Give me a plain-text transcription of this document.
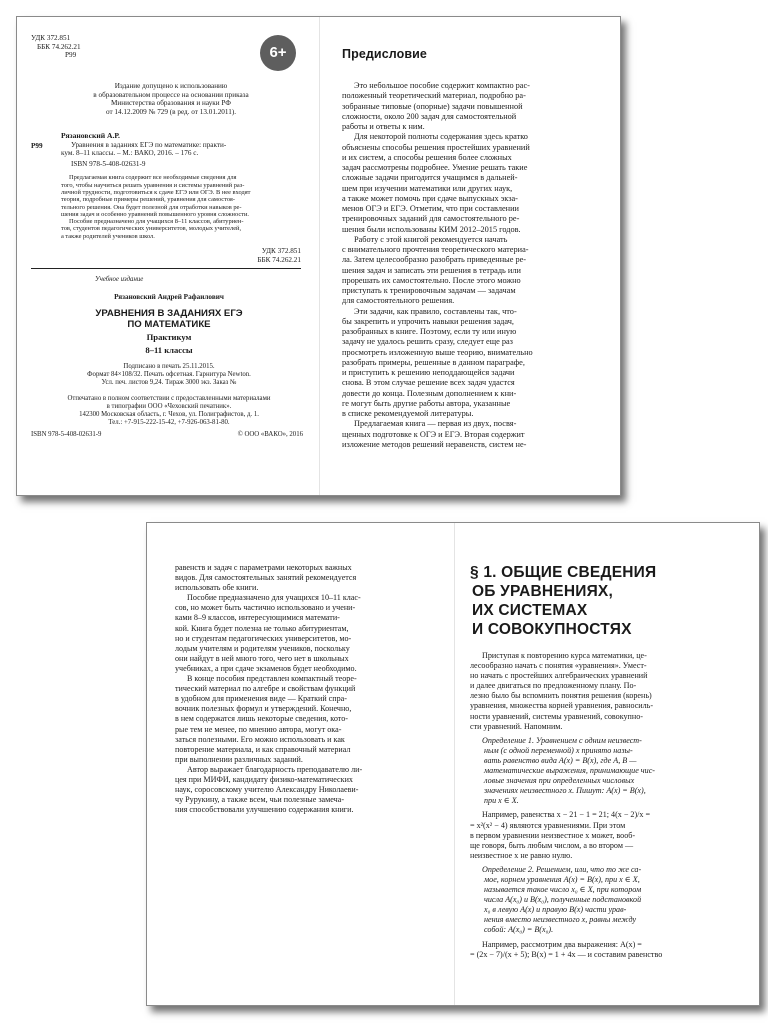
УДК 372.851
ББК 74.262.21
Р99	6+
Издание допущено к использованию
в образовательном процессе на основании приказа
Министерства образования и науки РФ
от 14.12.2009 № 729 (в ред. от 13.01.2011).
Р99
Рязановский А.Р.
Уравнения в заданиях ЕГЭ по математике: практи-
кум. 8–11 классы. – М.: ВАКО, 2016. – 176 с.
ISBN 978-5-408-02631-9
Предлагаемая книга содержит все необходимые сведения для
того, чтобы научиться решать уравнения и системы уравнений раз-
личной трудности, подготовиться к сдаче ЕГЭ или ОГЭ. В нее входят
теория, подробные примеры решений, уравнения для самостоя-
тельного решения. Она будет полезной для отработки навыков ре-
шения задач и особенно уравнений повышенного уровня сложности.
Пособие предназначено для учащихся 8–11 классов, абитуриен-
тов, студентов педагогических университетов, молодых учителей,
а также родителей учеников школ.
УДК 372.851
ББК 74.262.21
Учебное издание
Рязановский Андрей Рафаилович
УРАВНЕНИЯ В ЗАДАНИЯХ ЕГЭ
ПО МАТЕМАТИКЕ
Практикум
8–11 классы
Подписано в печать 25.11.2015.
Формат 84×108/32. Печать офсетная. Гарнитура Newton.
Усл. печ. листов 9,24. Тираж 3000 экз. Заказ №
Отпечатано в полном соответствии с предоставленными материалами
в типографии ООО «Чеховский печатник».
142300 Московская область, г. Чехов, ул. Полиграфистов, д. 1.
Тел.: +7-915-222-15-42, +7-926-063-81-80.
ISBN 978-5-408-02631-9	© ООО «ВАКО», 2016
Предисловие
Это небольшое пособие содержит компактно рас-
положенный теоретический материал, подробно ра-
зобранные типовые (опорные) задачи повышенной
сложности, около 200 задач для самостоятельной
работы и ответы к ним.
Для некоторой полноты содержания здесь кратко
объяснены способы решения простейших уравнений
и их систем, а способы решения более сложных
задач рассмотрены подробнее. Умение решать такие
сложные задачи пригодится учащимся в дальней-
шем при изучении математики или других наук,
а также может помочь при сдаче выпускных экза-
менов ОГЭ и ЕГЭ. Отметим, что при составлении
тренировочных заданий для самостоятельного ре-
шения были использованы КИМ 2012–2015 годов.
Работу с этой книгой рекомендуется начать
с внимательного прочтения теоретического материа-
ла. Затем целесообразно разобрать приведенные ре-
шения задач и записать эти решения в тетрадь или
прорешать их самостоятельно. После этого можно
приступать к тренировочным задачам — задачам
для самостоятельного решения.
Эти задачи, как правило, составлены так, что-
бы закрепить и упрочить навыки решения задач,
разобранных в книге. Поэтому, если ту или иную
задачу не удалось решить сразу, следует еще раз
просмотреть изложенную выше теорию, внимательно
разобрать примеры, решенные в данном параграфе,
и приступить к решению неподдающейся задачи
снова. В этом случае решение всех задач удастся
довести до конца. Полезным дополнением к кни-
ге могут быть другие работы автора, указанные
в списке рекомендуемой литературы.
Предлагаемая книга — первая из двух, посвя-
щенных подготовке к ОГЭ и ЕГЭ. Вторая содержит
изложение методов решений неравенств, систем не-
равенств и задач с параметрами некоторых важных
видов. Для самостоятельных занятий рекомендуется
использовать обе книги.
Пособие предназначено для учащихся 10–11 клас-
сов, но может быть частично использовано и учени-
ками 8–9 классов, интересующимися математи-
кой. Книга будет полезна не только абитуриентам,
но и студентам педагогических университетов, мо-
лодым учителям и родителям учеников, поскольку
они найдут в ней много того, чего нет в школьных
учебниках, а при сдаче экзаменов будет необходимо.
В конце пособия представлен компактный теоре-
тический материал по алгебре и свойствам функций
в удобном для применения виде — Краткий спра-
вочник полезных формул и утверждений. Конечно,
в нем содержатся лишь некоторые сведения, кото-
рые тем не менее, по мнению автора, могут ока-
заться полезными. Его можно использовать и как
повторение материала, и как справочный материал
при выполнении различных заданий.
Автор выражает благодарность преподавателю ли-
цея при МИФИ, кандидату физико-математических
наук, соросовскому учителю Александру Николаеви-
чу Рурукину, а также всем, чьи полезные замеча-
ния способствовали улучшению содержания книги.
§ 1. ОБЩИЕ СВЕДЕНИЯ
ОБ УРАВНЕНИЯХ,
ИХ СИСТЕМАХ
И СОВОКУПНОСТЯХ
Приступая к повторению курса математики, це-
лесообразно начать с понятия «уравнения». Умест-
но начать с простейших алгебраических уравнений
и далее двигаться по предложенному плану. По-
лезно было бы вспомнить понятия решения (корень)
уравнения, множества корней уравнения, равносиль-
ности уравнений, системы уравнений, совокупно-
сти уравнений. Напомним.
Определение 1. Уравнением с одним неизвест-
ным (с одной переменной) x принято назы-
вать равенство вида A(x) = B(x), где A, B —
математические выражения, принимающие чис-
ловые значения при определенных числовых
значениях неизвестного x. Пишут: A(x) = B(x),
при x ∈ X.
Например, равенства x − 21 − 1 = 21; 4(x − 2)/x =
= x²(x² − 4) являются уравнениями. При этом
в первом уравнении неизвестное x может, вооб-
ще говоря, быть любым числом, а во втором —
неизвестное x не равно нулю.
Определение 2. Решением, или, что то же са-
мое, корнем уравнения A(x) = B(x), при x ∈ X,
называется такое число x₀ ∈ X, при котором
числа A(x₀) и B(x₀), полученные подстановкой
x₀ в левую A(x) и правую B(x) части урав-
нения вместо неизвестного x, равны между
собой: A(x₀) = B(x₀).
Например, рассмотрим два выражения: A(x) =
= (2x − 7)/(x + 5); B(x) = 1 + 4x — и составим равенство
